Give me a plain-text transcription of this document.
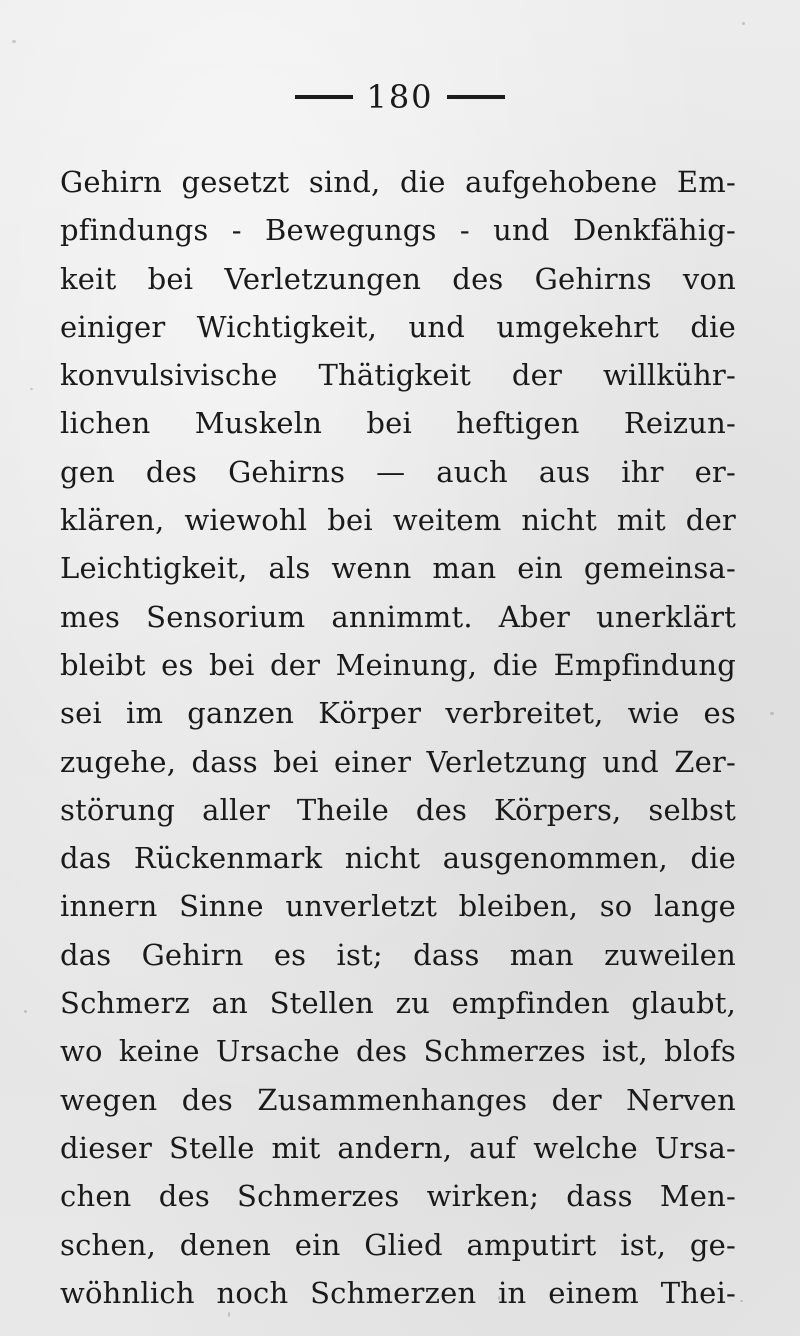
180
Gehirn gesetzt sind, die aufgehobene Em-
pfindungs - Bewegungs - und Denkfähig-
keit bei Verletzungen des Gehirns von
einiger Wichtigkeit, und umgekehrt die
konvulsivische Thätigkeit der willkühr-
lichen Muskeln bei heftigen Reizun-
gen des Gehirns — auch aus ihr er-
klären, wiewohl bei weitem nicht mit der
Leichtigkeit, als wenn man ein gemeinsa-
mes Sensorium annimmt. Aber unerklärt
bleibt es bei der Meinung, die Empfindung
sei im ganzen Körper verbreitet, wie es
zugehe, dass bei einer Verletzung und Zer-
störung aller Theile des Körpers, selbst
das Rückenmark nicht ausgenommen, die
innern Sinne unverletzt bleiben, so lange
das Gehirn es ist; dass man zuweilen
Schmerz an Stellen zu empfinden glaubt,
wo keine Ursache des Schmerzes ist, blofs
wegen des Zusammenhanges der Nerven
dieser Stelle mit andern, auf welche Ursa-
chen des Schmerzes wirken; dass Men-
schen, denen ein Glied amputirt ist, ge-
wöhnlich noch Schmerzen in einem Thei-
